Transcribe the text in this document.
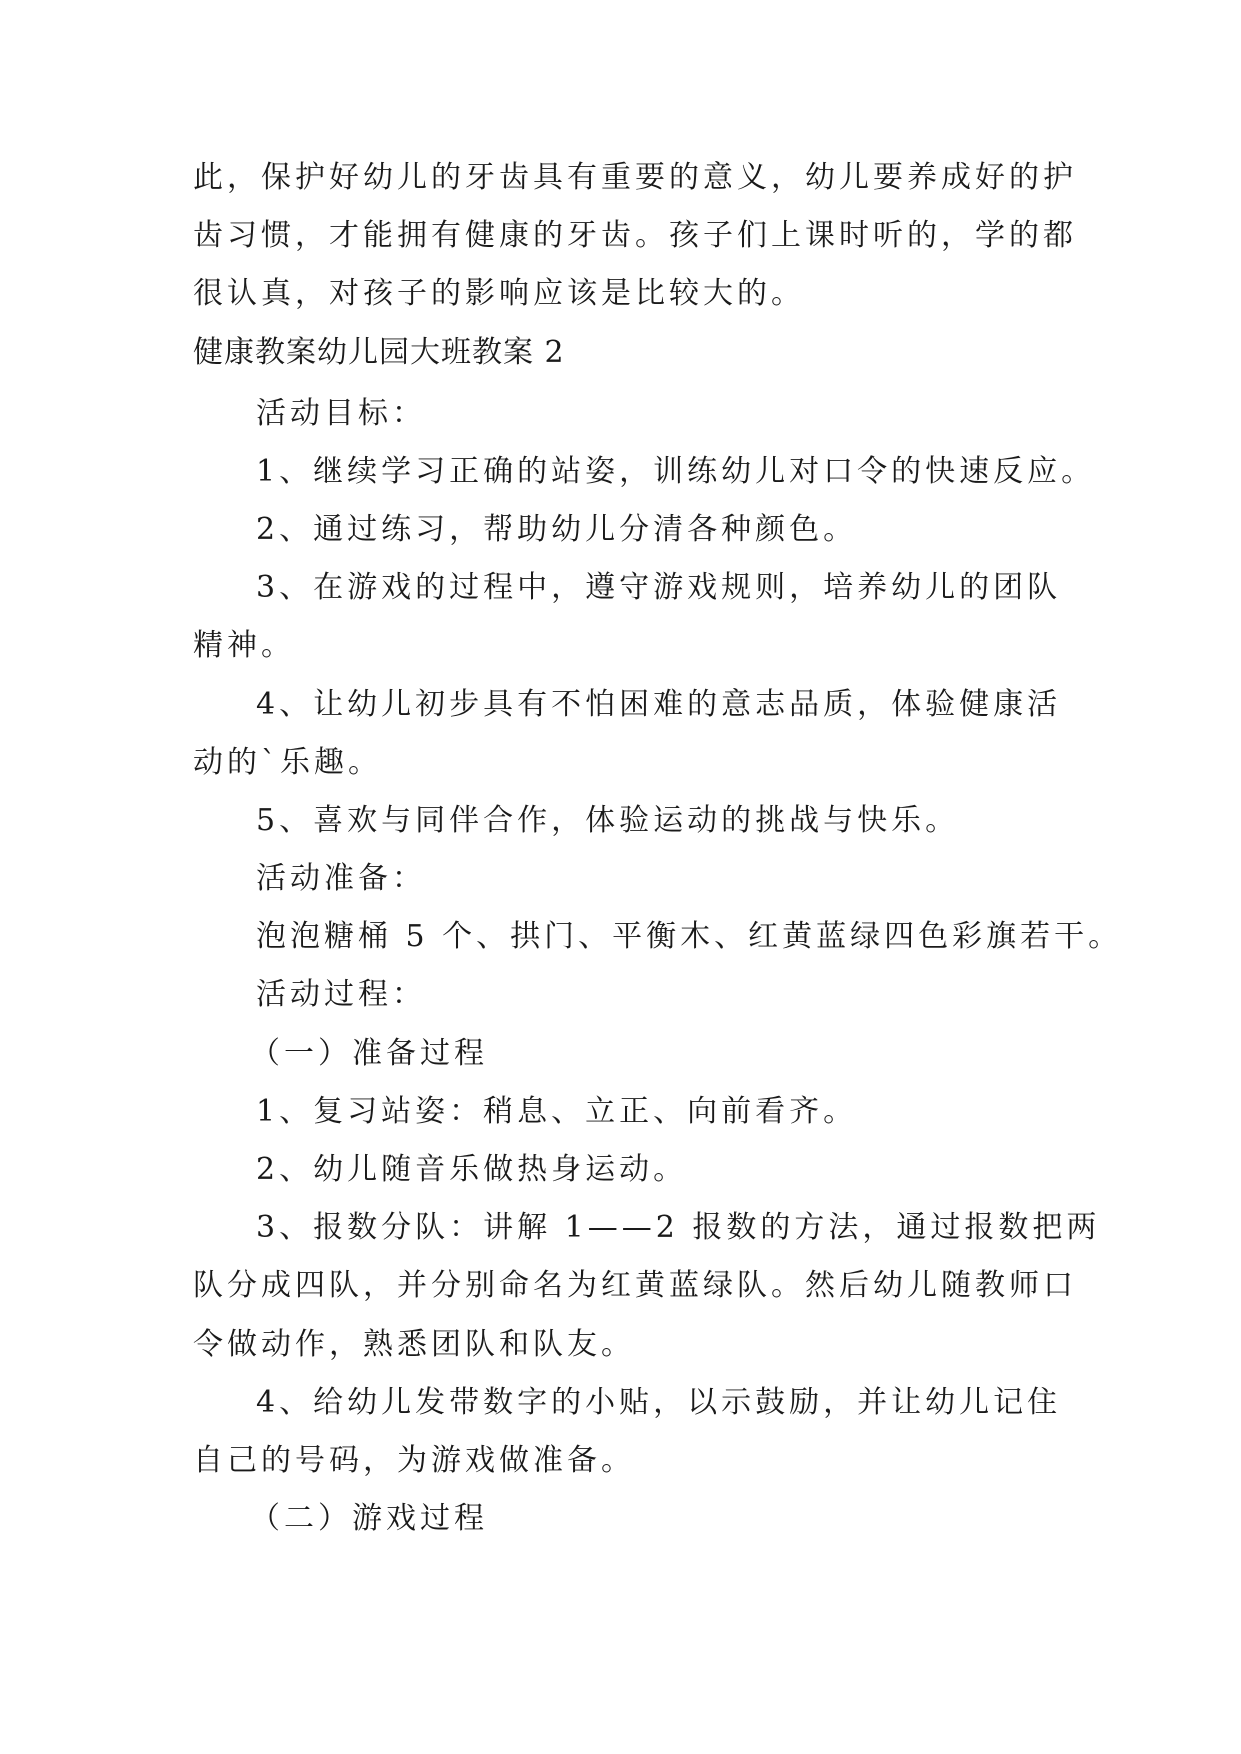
此，保护好幼儿的牙齿具有重要的意义，幼儿要养成好的护
齿习惯，才能拥有健康的牙齿。孩子们上课时听的，学的都
很认真，对孩子的影响应该是比较大的。
健康教案幼儿园大班教案 2
活动目标：
1、继续学习正确的站姿，训练幼儿对口令的快速反应。
2、通过练习，帮助幼儿分清各种颜色。
3、在游戏的过程中，遵守游戏规则，培养幼儿的团队
精神。
4、让幼儿初步具有不怕困难的意志品质，体验健康活
动的`乐趣。
5、喜欢与同伴合作，体验运动的挑战与快乐。
活动准备：
泡泡糖桶 5 个、拱门、平衡木、红黄蓝绿四色彩旗若干。
活动过程：
（一）准备过程
1、复习站姿：稍息、立正、向前看齐。
2、幼儿随音乐做热身运动。
3、报数分队：讲解 1——2 报数的方法，通过报数把两
队分成四队，并分别命名为红黄蓝绿队。然后幼儿随教师口
令做动作，熟悉团队和队友。
4、给幼儿发带数字的小贴，以示鼓励，并让幼儿记住
自己的号码，为游戏做准备。
（二）游戏过程
